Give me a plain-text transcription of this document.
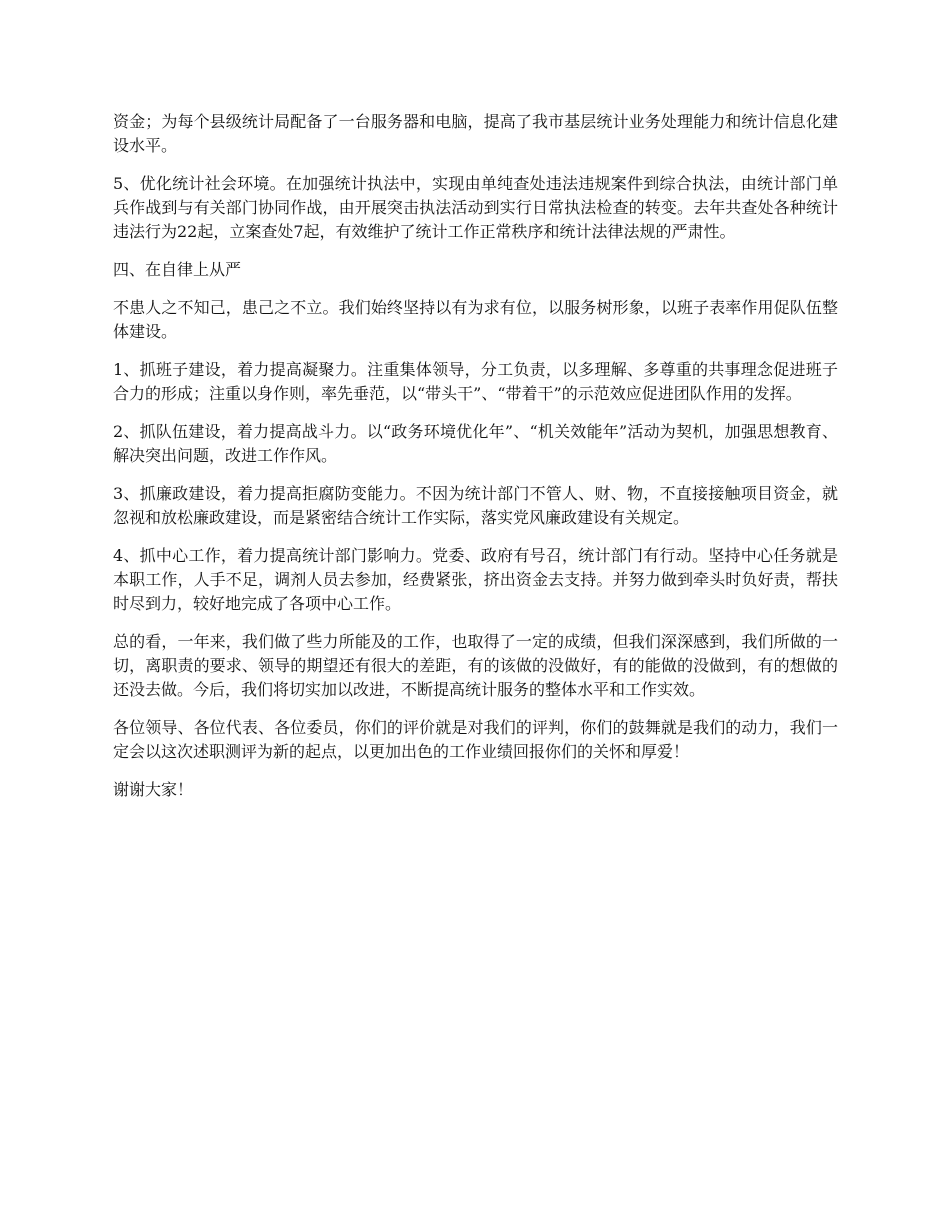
资金；为每个县级统计局配备了一台服务器和电脑，提高了我市基层统计业务处理能力和统计信息化建设水平。

5、优化统计社会环境。在加强统计执法中，实现由单纯查处违法违规案件到综合执法，由统计部门单兵作战到与有关部门协同作战，由开展突击执法活动到实行日常执法检查的转变。去年共查处各种统计违法行为22起，立案查处7起，有效维护了统计工作正常秩序和统计法律法规的严肃性。

四、在自律上从严

不患人之不知己，患己之不立。我们始终坚持以有为求有位，以服务树形象，以班子表率作用促队伍整体建设。

1、抓班子建设，着力提高凝聚力。注重集体领导，分工负责，以多理解、多尊重的共事理念促进班子合力的形成；注重以身作则，率先垂范，以“带头干”、“带着干”的示范效应促进团队作用的发挥。

2、抓队伍建设，着力提高战斗力。以“政务环境优化年”、“机关效能年”活动为契机，加强思想教育、解决突出问题，改进工作作风。

3、抓廉政建设，着力提高拒腐防变能力。不因为统计部门不管人、财、物，不直接接触项目资金，就忽视和放松廉政建设，而是紧密结合统计工作实际，落实党风廉政建设有关规定。

4、抓中心工作，着力提高统计部门影响力。党委、政府有号召，统计部门有行动。坚持中心任务就是本职工作，人手不足，调剂人员去参加，经费紧张，挤出资金去支持。并努力做到牵头时负好责，帮扶时尽到力，较好地完成了各项中心工作。

总的看，一年来，我们做了些力所能及的工作，也取得了一定的成绩，但我们深深感到，我们所做的一切，离职责的要求、领导的期望还有很大的差距，有的该做的没做好，有的能做的没做到，有的想做的还没去做。今后，我们将切实加以改进，不断提高统计服务的整体水平和工作实效。

各位领导、各位代表、各位委员，你们的评价就是对我们的评判，你们的鼓舞就是我们的动力，我们一定会以这次述职测评为新的起点，以更加出色的工作业绩回报你们的关怀和厚爱！

谢谢大家！
